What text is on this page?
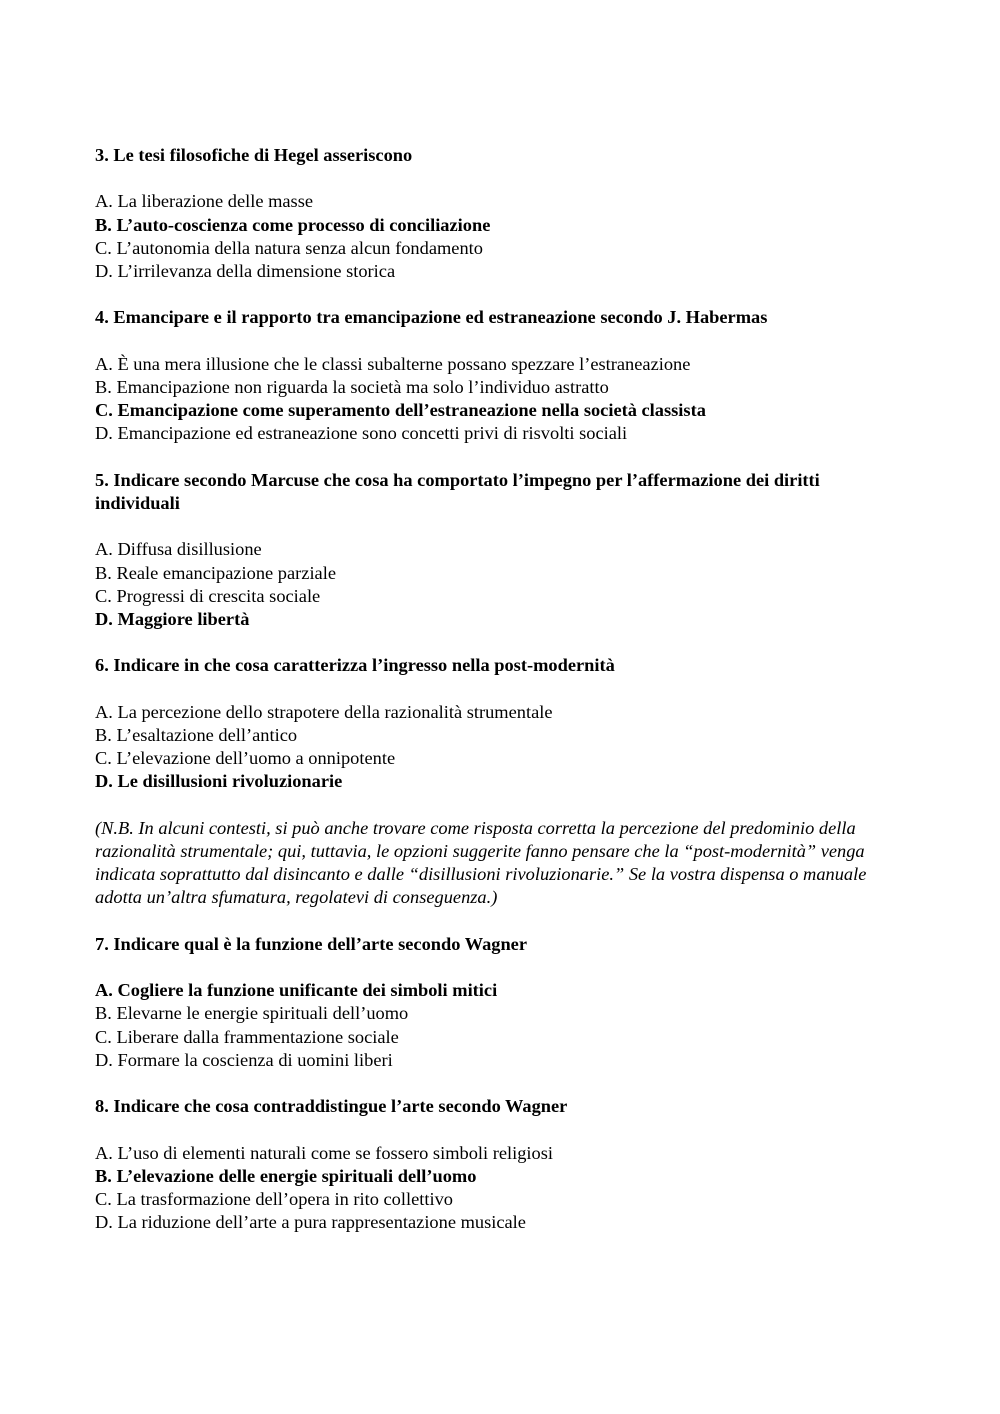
3. Le tesi filosofiche di Hegel asseriscono
A. La liberazione delle masse
B. L’auto-coscienza come processo di conciliazione
C. L’autonomia della natura senza alcun fondamento
D. L’irrilevanza della dimensione storica
4. Emancipare e il rapporto tra emancipazione ed estraneazione secondo J. Habermas
A. È una mera illusione che le classi subalterne possano spezzare l’estraneazione
B. Emancipazione non riguarda la società ma solo l’individuo astratto
C. Emancipazione come superamento dell’estraneazione nella società classista
D. Emancipazione ed estraneazione sono concetti privi di risvolti sociali
5. Indicare secondo Marcuse che cosa ha comportato l’impegno per l’affermazione dei diritti individuali
A. Diffusa disillusione
B. Reale emancipazione parziale
C. Progressi di crescita sociale
D. Maggiore libertà
6. Indicare in che cosa caratterizza l’ingresso nella post-modernità
A. La percezione dello strapotere della razionalità strumentale
B. L’esaltazione dell’antico
C. L’elevazione dell’uomo a onnipotente
D. Le disillusioni rivoluzionarie
(N.B. In alcuni contesti, si può anche trovare come risposta corretta la percezione del predominio della razionalità strumentale; qui, tuttavia, le opzioni suggerite fanno pensare che la “post-modernità” venga indicata soprattutto dal disincanto e dalle “disillusioni rivoluzionarie.” Se la vostra dispensa o manuale adotta un’altra sfumatura, regolatevi di conseguenza.)
7. Indicare qual è la funzione dell’arte secondo Wagner
A. Cogliere la funzione unificante dei simboli mitici
B. Elevarne le energie spirituali dell’uomo
C. Liberare dalla frammentazione sociale
D. Formare la coscienza di uomini liberi
8. Indicare che cosa contraddistingue l’arte secondo Wagner
A. L’uso di elementi naturali come se fossero simboli religiosi
B. L’elevazione delle energie spirituali dell’uomo
C. La trasformazione dell’opera in rito collettivo
D. La riduzione dell’arte a pura rappresentazione musicale
